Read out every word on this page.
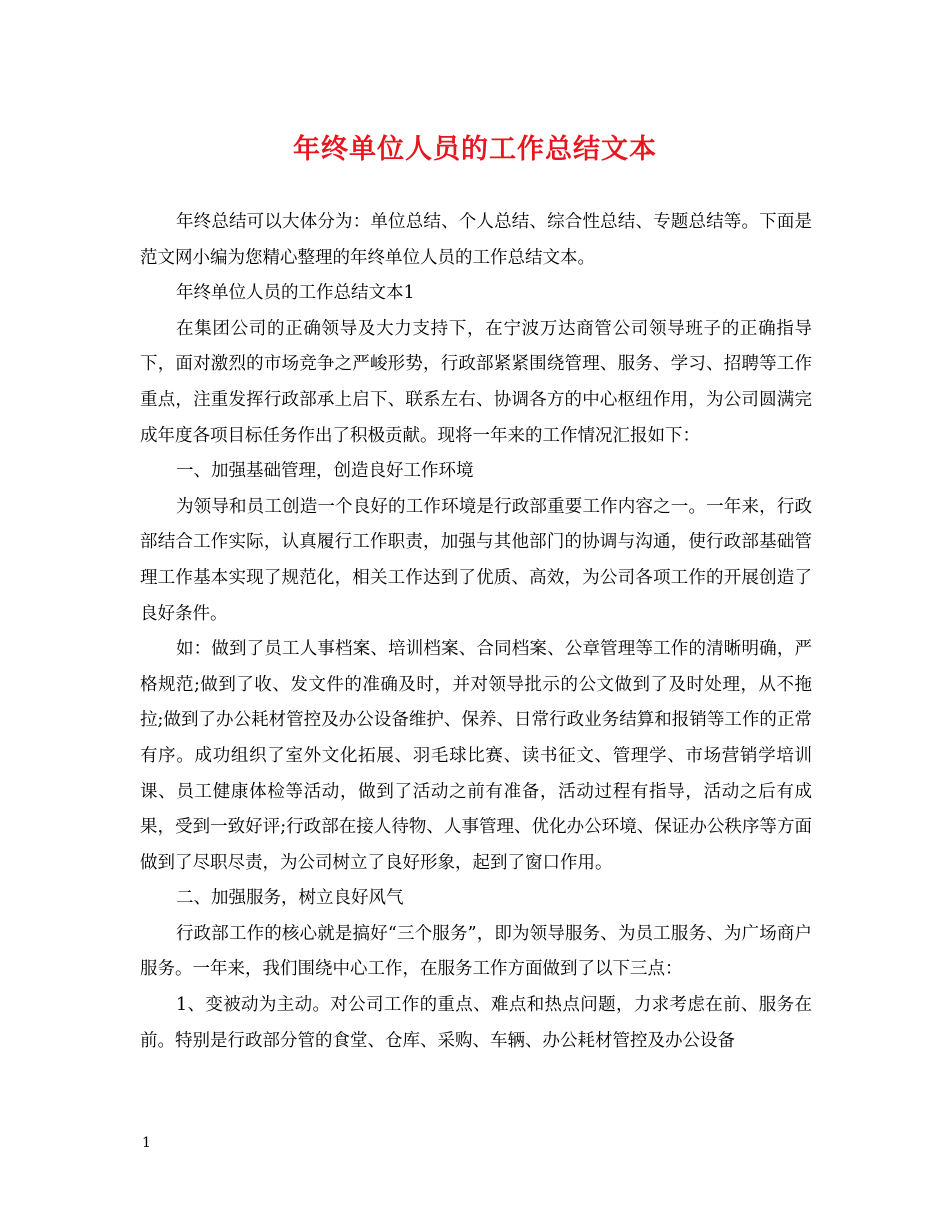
年终单位人员的工作总结文本

年终总结可以大体分为：单位总结、个人总结、综合性总结、专题总结等。下面是范文网小编为您精心整理的年终单位人员的工作总结文本。

年终单位人员的工作总结文本1

在集团公司的正确领导及大力支持下，在宁波万达商管公司领导班子的正确指导下，面对激烈的市场竞争之严峻形势，行政部紧紧围绕管理、服务、学习、招聘等工作重点，注重发挥行政部承上启下、联系左右、协调各方的中心枢纽作用，为公司圆满完成年度各项目标任务作出了积极贡献。现将一年来的工作情况汇报如下：

一、加强基础管理，创造良好工作环境

为领导和员工创造一个良好的工作环境是行政部重要工作内容之一。一年来，行政部结合工作实际，认真履行工作职责，加强与其他部门的协调与沟通，使行政部基础管理工作基本实现了规范化，相关工作达到了优质、高效，为公司各项工作的开展创造了良好条件。

如：做到了员工人事档案、培训档案、合同档案、公章管理等工作的清晰明确，严格规范;做到了收、发文件的准确及时，并对领导批示的公文做到了及时处理，从不拖拉;做到了办公耗材管控及办公设备维护、保养、日常行政业务结算和报销等工作的正常有序。成功组织了室外文化拓展、羽毛球比赛、读书征文、管理学、市场营销学培训课、员工健康体检等活动，做到了活动之前有准备，活动过程有指导，活动之后有成果，受到一致好评;行政部在接人待物、人事管理、优化办公环境、保证办公秩序等方面做到了尽职尽责，为公司树立了良好形象，起到了窗口作用。

二、加强服务，树立良好风气

行政部工作的核心就是搞好“三个服务”，即为领导服务、为员工服务、为广场商户服务。一年来，我们围绕中心工作，在服务工作方面做到了以下三点：

1、变被动为主动。对公司工作的重点、难点和热点问题，力求考虑在前、服务在前。特别是行政部分管的食堂、仓库、采购、车辆、办公耗材管控及办公设备

1
